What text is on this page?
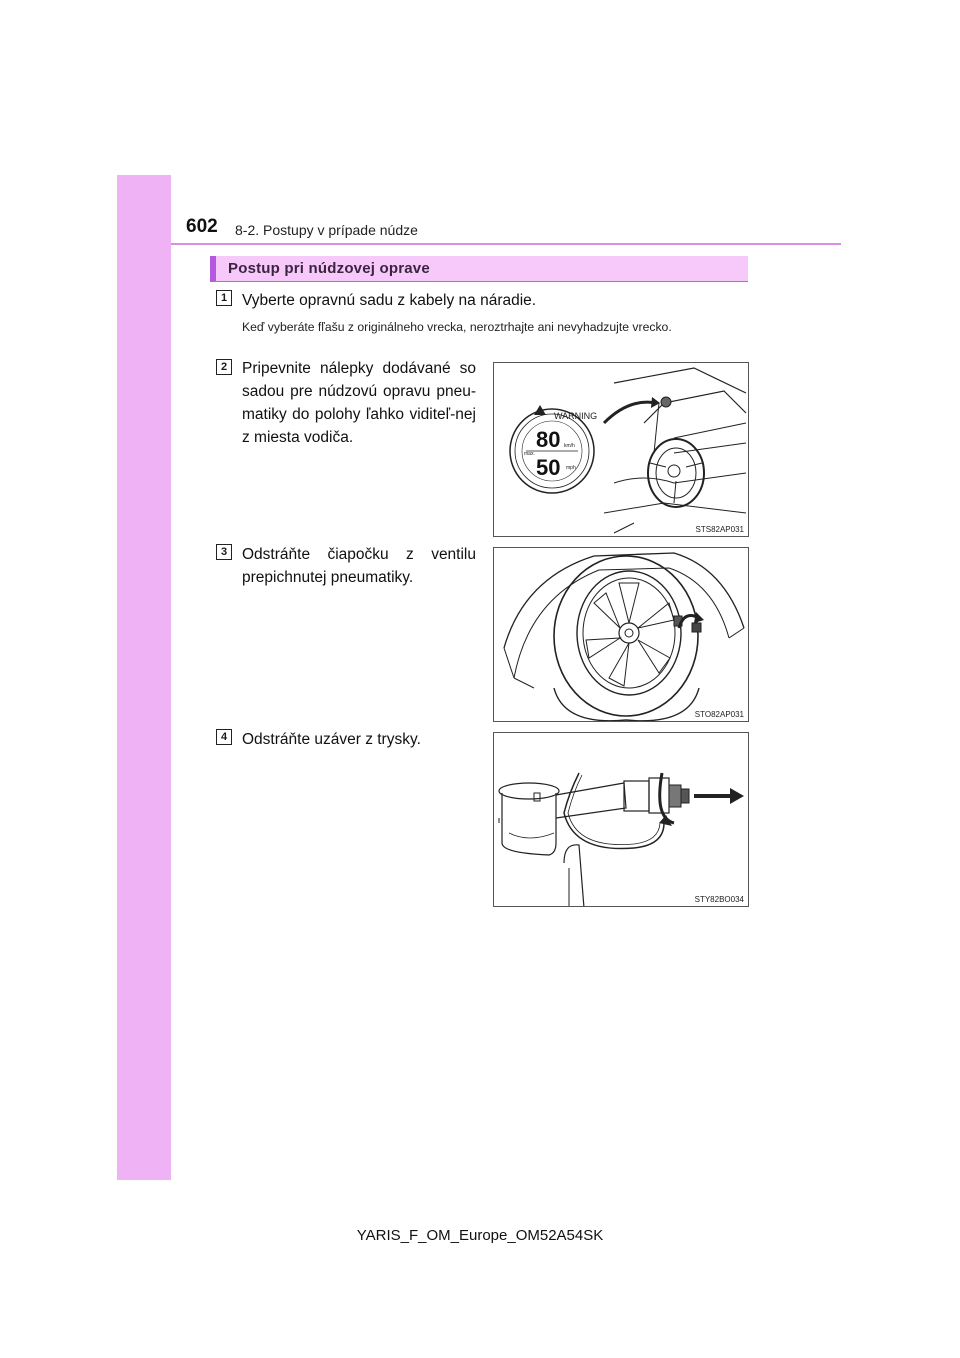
602 8-2. Postupy v prípade núdze
Postup pri núdzovej oprave
1 Vyberte opravnú sadu z kabely na náradie.
Keď vyberáte fľašu z originálneho vrecka, neroztrhajte ani nevyhadzujte vrecko.
2 Pripevnite nálepky dodávané so sadou pre núdzovú opravu pneu-matiky do polohy ľahko viditeľ-nej z miesta vodiča.
WARNING
max.
80 km/h
50 mph
STS82AP031
3 Odstráňte čiapočku z ventilu prepichnutej pneumatiky.
STO82AP031
4 Odstráňte uzáver z trysky.
STY82BO034
YARIS_F_OM_Europe_OM52A54SK
